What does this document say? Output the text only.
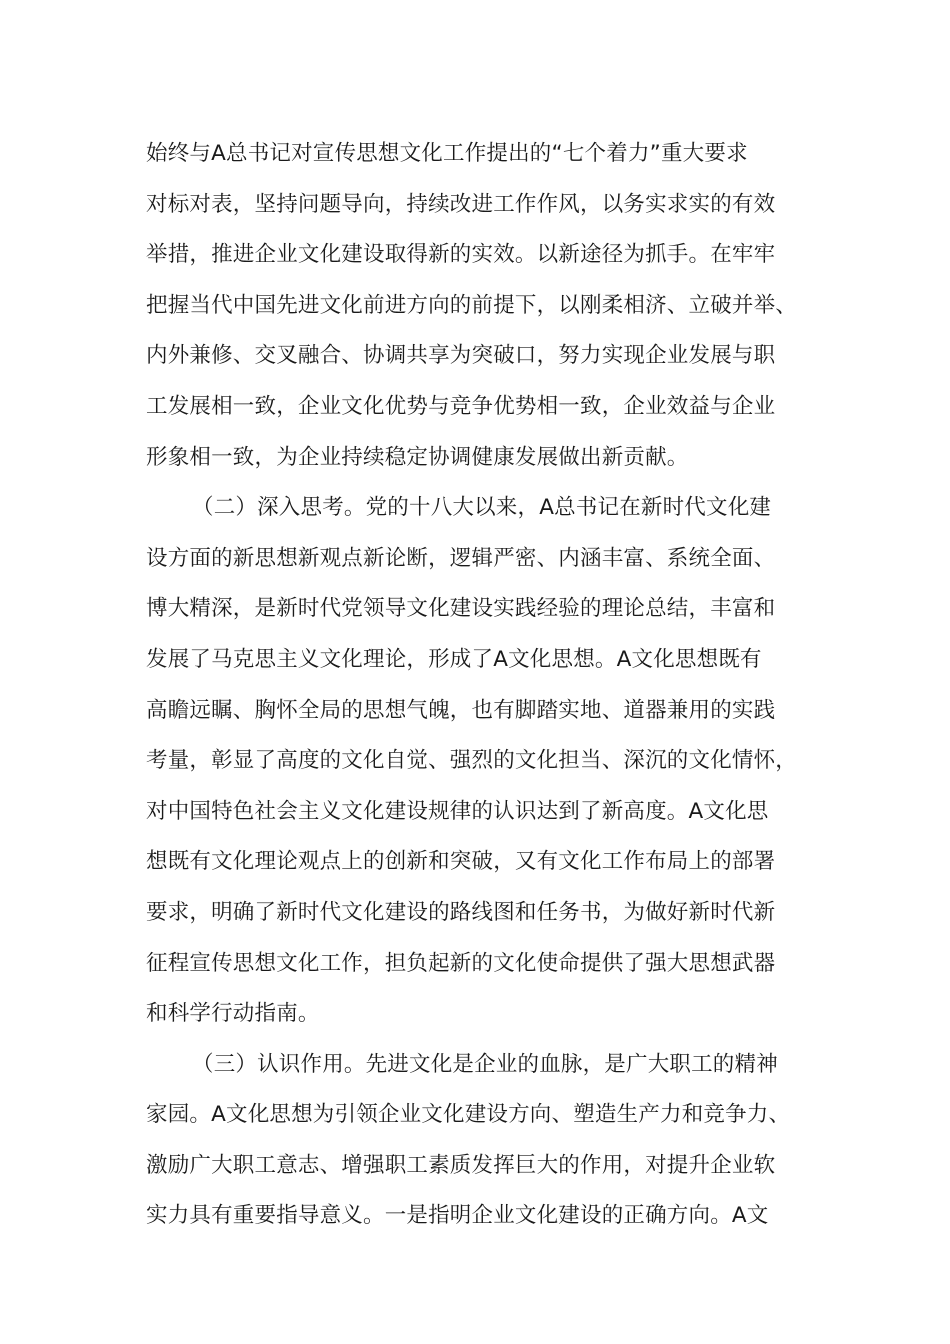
始终与A总书记对宣传思想文化工作提出的“七个着力”重大要求
对标对表，坚持问题导向，持续改进工作作风，以务实求实的有效
举措，推进企业文化建设取得新的实效。以新途径为抓手。在牢牢
把握当代中国先进文化前进方向的前提下，以刚柔相济、立破并举、
内外兼修、交叉融合、协调共享为突破口，努力实现企业发展与职
工发展相一致，企业文化优势与竞争优势相一致，企业效益与企业
形象相一致，为企业持续稳定协调健康发展做出新贡献。
（二）深入思考。党的十八大以来，A总书记在新时代文化建
设方面的新思想新观点新论断，逻辑严密、内涵丰富、系统全面、
博大精深，是新时代党领导文化建设实践经验的理论总结，丰富和
发展了马克思主义文化理论，形成了A文化思想。A文化思想既有
高瞻远瞩、胸怀全局的思想气魄，也有脚踏实地、道器兼用的实践
考量，彰显了高度的文化自觉、强烈的文化担当、深沉的文化情怀，
对中国特色社会主义文化建设规律的认识达到了新高度。A文化思
想既有文化理论观点上的创新和突破，又有文化工作布局上的部署
要求，明确了新时代文化建设的路线图和任务书，为做好新时代新
征程宣传思想文化工作，担负起新的文化使命提供了强大思想武器
和科学行动指南。
（三）认识作用。先进文化是企业的血脉，是广大职工的精神
家园。A文化思想为引领企业文化建设方向、塑造生产力和竞争力、
激励广大职工意志、增强职工素质发挥巨大的作用，对提升企业软
实力具有重要指导意义。一是指明企业文化建设的正确方向。A文
